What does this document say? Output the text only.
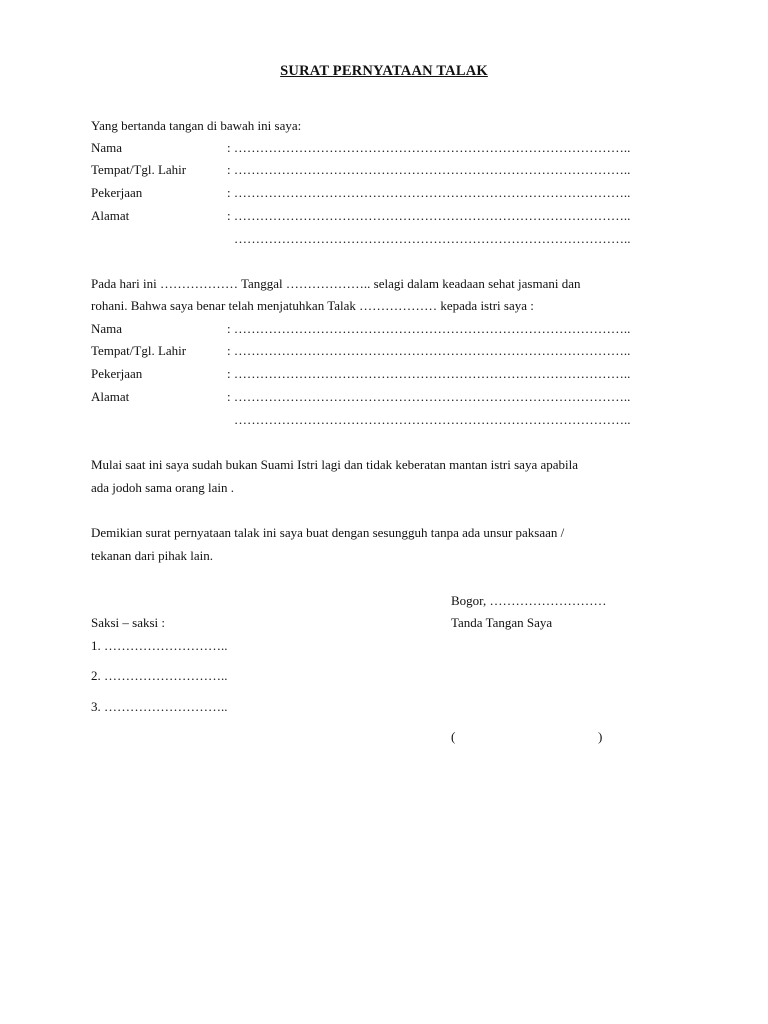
SURAT PERNYATAAN TALAK
Yang bertanda tangan di bawah ini saya:
Nama	: ………………………………………………………………………………..
Tempat/Tgl. Lahir	: ………………………………………………………………………………..
Pekerjaan	: ………………………………………………………………………………..
Alamat	: ………………………………………………………………………………..
………………………………………………………………………………..
Pada hari ini ……………… Tanggal ……………….. selagi dalam keadaan sehat jasmani dan
rohani. Bahwa saya benar telah menjatuhkan Talak ……………… kepada istri saya :
Nama	: ………………………………………………………………………………..
Tempat/Tgl. Lahir	: ………………………………………………………………………………..
Pekerjaan	: ………………………………………………………………………………..
Alamat	: ………………………………………………………………………………..
………………………………………………………………………………..
Mulai saat ini saya sudah bukan Suami Istri lagi dan tidak keberatan mantan istri saya apabila
ada jodoh sama orang lain .
Demikian surat pernyataan talak ini saya buat dengan sesungguh tanpa ada unsur paksaan /
tekanan dari pihak lain.
Bogor, ………………………
Saksi – saksi :	Tanda Tangan Saya
1. ………………………..
2. ………………………..
3. ………………………..
(	)
